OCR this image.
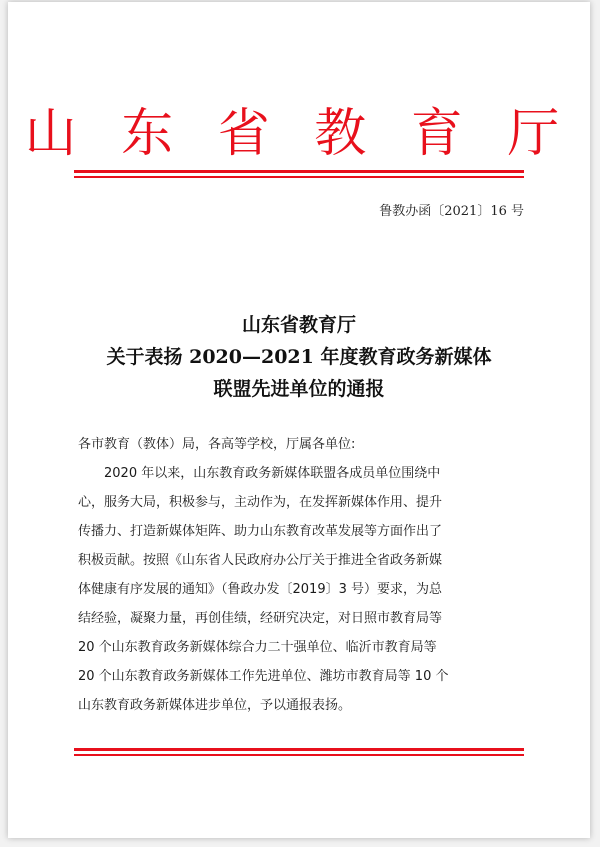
山 东 省 教 育 厅
鲁教办函〔2021〕16 号
山东省教育厅
关于表扬 2020—2021 年度教育政务新媒体
联盟先进单位的通报
各市教育（教体）局，各高等学校，厅属各单位:
2020 年以来，山东教育政务新媒体联盟各成员单位围绕中
心，服务大局，积极参与，主动作为，在发挥新媒体作用、提升
传播力、打造新媒体矩阵、助力山东教育改革发展等方面作出了
积极贡献。按照《山东省人民政府办公厅关于推进全省政务新媒
体健康有序发展的通知》（鲁政办发〔2019〕3 号）要求，为总
结经验，凝聚力量，再创佳绩，经研究决定，对日照市教育局等
20 个山东教育政务新媒体综合力二十强单位、临沂市教育局等
20 个山东教育政务新媒体工作先进单位、潍坊市教育局等 10 个
山东教育政务新媒体进步单位，予以通报表扬。
